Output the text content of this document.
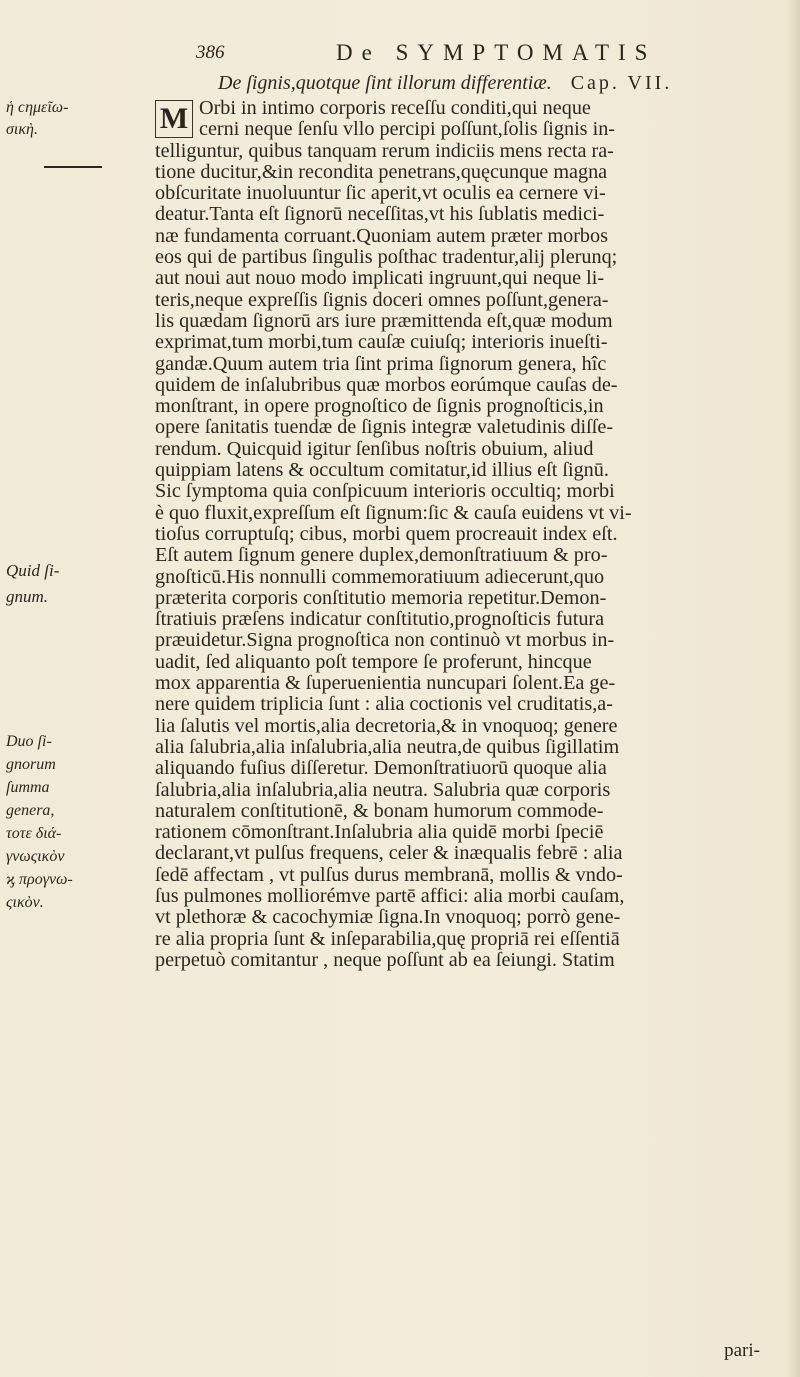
386	De SYMPTOMATIS
De ſignis,quotque ſint illorum differentiæ. Cap. VII.
ἡ ϲημεῖω-
σικὴ.
Quid ſi-
gnum.
Duo ſi-
gnorum
ſumma
genera,
τοτε διά-
γνωςικὸν
ϗ προγνω-
ςικὸν.
M Orbi in intimo corporis receſſu conditi,qui neque
cerni neque ſenſu vllo percipi poſſunt,ſolis ſignis in-
telliguntur, quibus tanquam rerum indiciis mens recta ra-
tione ducitur,&in recondita penetrans,quęcunque magna
obſcuritate inuoluuntur ſic aperit,vt oculis ea cernere vi-
deatur.Tanta eſt ſignorū neceſſitas,vt his ſublatis medici-
næ fundamenta corruant.Quoniam autem præter morbos
eos qui de partibus ſingulis poſthac tradentur,alij plerunq;
aut noui aut nouo modo implicati ingruunt,qui neque li-
teris,neque expreſſis ſignis doceri omnes poſſunt,genera-
lis quædam ſignorū ars iure præmittenda eſt,quæ modum
exprimat,tum morbi,tum cauſæ cuiuſq; interioris inueſti-
gandæ.Quum autem tria ſint prima ſignorum genera, hîc
quidem de inſalubribus quæ morbos eorúmque cauſas de-
monſtrant, in opere prognoſtico de ſignis prognoſticis,in
opere ſanitatis tuendæ de ſignis integræ valetudinis diſſe-
rendum. Quicquid igitur ſenſibus noſtris obuium, aliud
quippiam latens & occultum comitatur,id illius eſt ſignū.
Sic ſymptoma quia conſpicuum interioris occultiq; morbi
è quo fluxit,expreſſum eſt ſignum:ſic & cauſa euidens vt vi-
tioſus corruptuſq; cibus, morbi quem procreauit index eſt.
Eſt autem ſignum genere duplex,demonſtratiuum & pro-
gnoſticū.His nonnulli commemoratiuum adiecerunt,quo
præterita corporis conſtitutio memoria repetitur.Demon-
ſtratiuis præſens indicatur conſtitutio,prognoſticis futura
præuidetur.Signa prognoſtica non continuò vt morbus in-
uadit, ſed aliquanto poſt tempore ſe proferunt, hincque
mox apparentia & ſuperuenientia nuncupari ſolent.Ea ge-
nere quidem triplicia ſunt : alia coctionis vel cruditatis,a-
lia ſalutis vel mortis,alia decretoria,& in vnoquoq; genere
alia ſalubria,alia inſalubria,alia neutra,de quibus ſigillatim
aliquando fuſius diſſeretur. Demonſtratiuorū quoque alia
ſalubria,alia inſalubria,alia neutra. Salubria quæ corporis
naturalem conſtitutionē, & bonam humorum commode-
rationem cōmonſtrant.Inſalubria alia quidē morbi ſpeciē
declarant,vt pulſus frequens, celer & inæqualis febrē : alia
ſedē affectam , vt pulſus durus membranā, mollis & vndo-
ſus pulmones molliorémve partē affici: alia morbi cauſam,
vt plethoræ & cacochymiæ ſigna.In vnoquoq; porrò gene-
re alia propria ſunt & inſeparabilia,quę propriā rei eſſentiā
perpetuò comitantur , neque poſſunt ab ea ſeiungi. Statim
pari-
